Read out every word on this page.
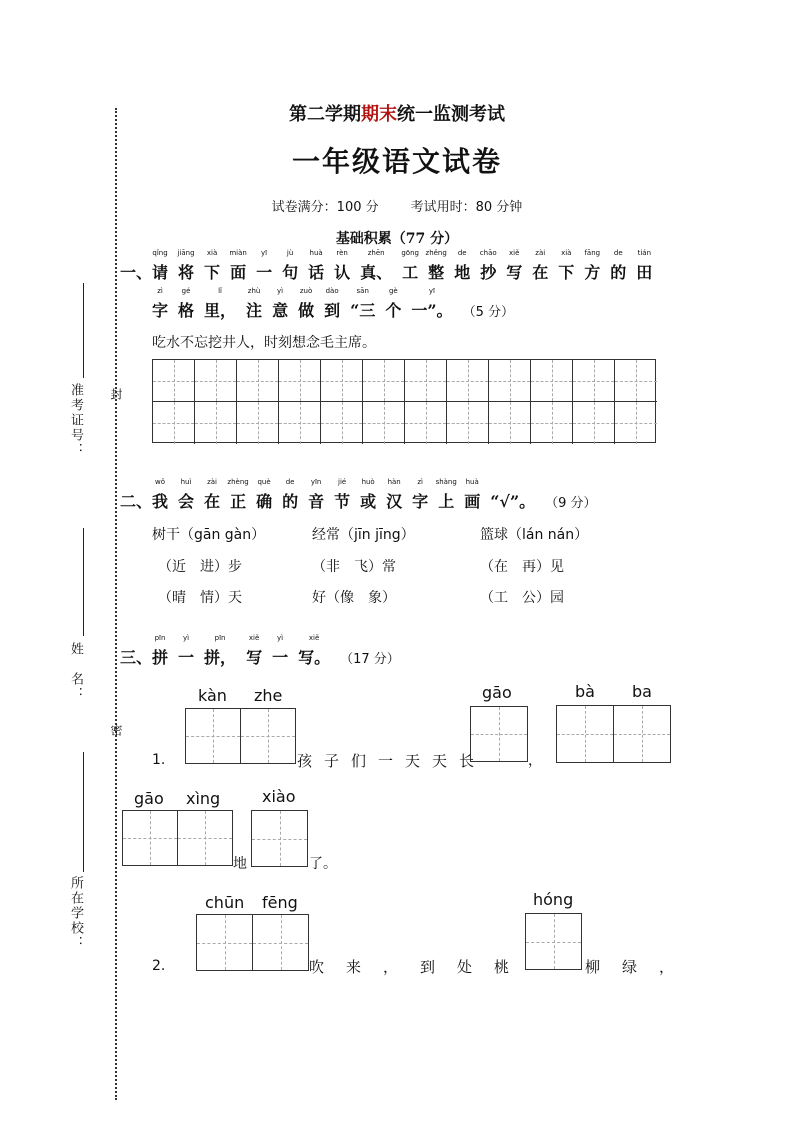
封
密
准考证号：
姓　名：
所在学校：
第二学期期末统一监测考试
一年级语文试卷
试卷满分：100 分 考试用时：80 分钟
基础积累（77 分）
一、
qǐng
请
jiāng
将
xià
下
miàn
面
yī
一
jù
句
huà
话
rèn
认
zhēn
真、
gōng
工
zhěng
整
de
地
chāo
抄
xiě
写
zài
在
xià
下
fāng
方
de
的
tián
田
zì
字
gé
格
lǐ
里，
zhù
注
yì
意
zuò
做
dào
到
sān
“三
gè
个
yī
一”。 （5 分）
吃水不忘挖井人，时刻想念毛主席。
二、
wǒ
我
huì
会
zài
在
zhèng
正
què
确
de
的
yīn
音
jié
节
huò
或
hàn
汉
zì
字
shàng
上
huà
画 “√”。 （9 分）
树干（gān gàn）	经常（jīn jīng）	篮球（lán nán）
（近　进）步	（非　飞）常	（在　再）见
（晴　情）天	好（像　象）	（工　公）园
三、
pīn
拼
yì
一
pīn
拼，
xiě
写
yì
一
xiě
写。 （17 分）
1.
kàn zhe
孩子们一天天长
gāo
，
bà ba
gāo xìng
地
xiào
了。
2.
chūn fēng
吹来，到处桃
hóng
柳绿，
